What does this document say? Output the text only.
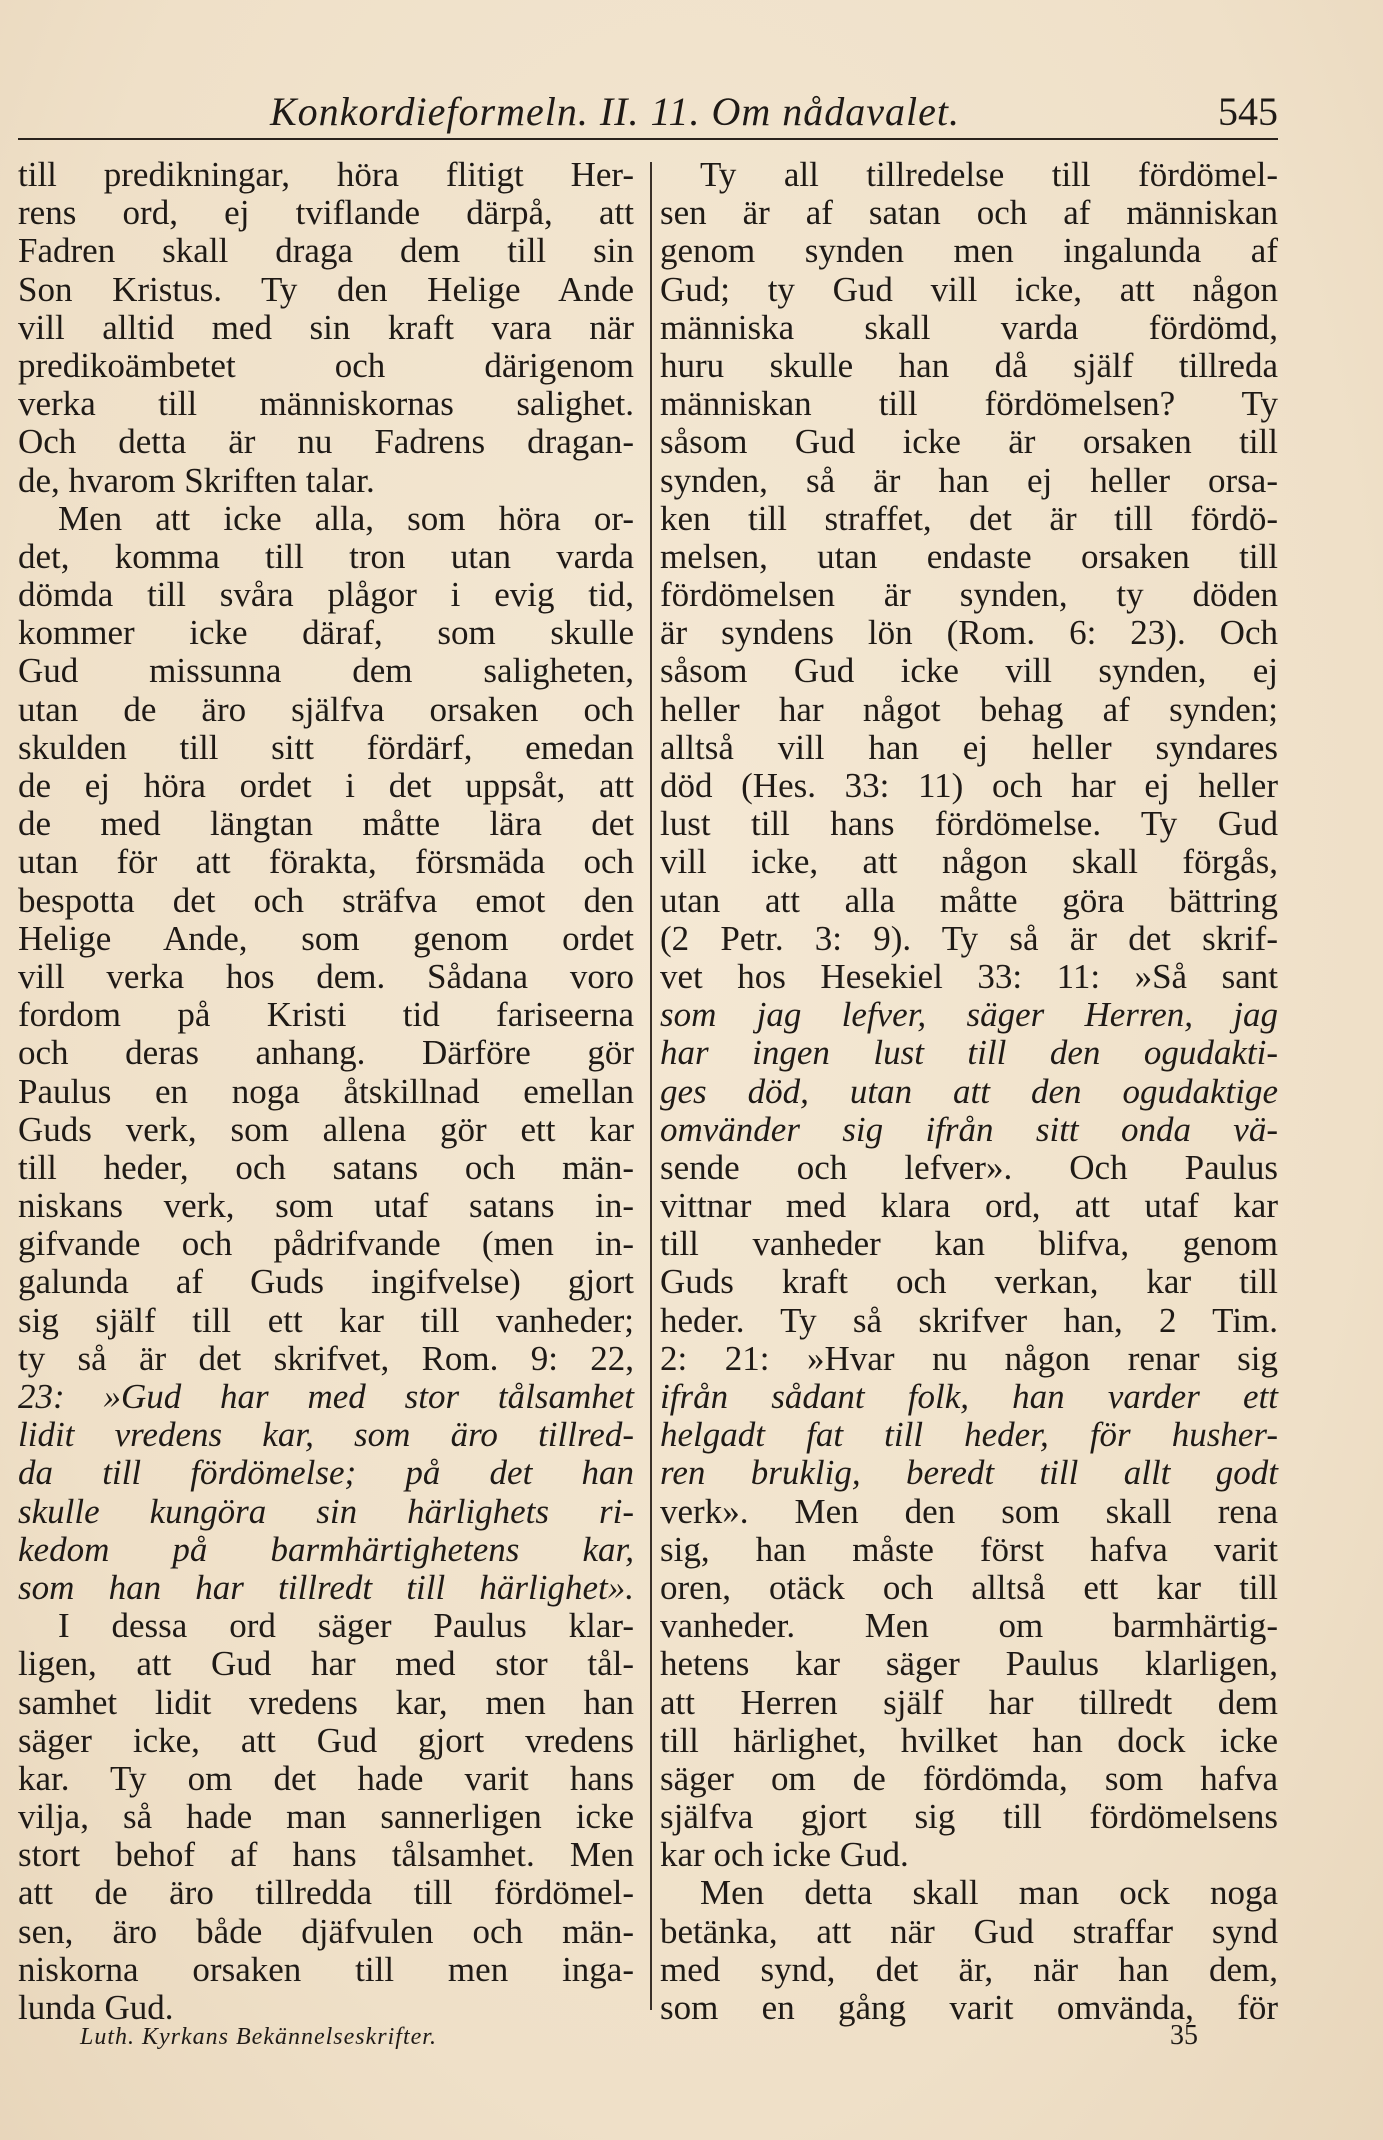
Konkordieformeln. II. 11. Om nådavalet.	545
till predikningar, höra flitigt Her-
rens ord, ej tviflande därpå, att
Fadren skall draga dem till sin
Son Kristus. Ty den Helige Ande
vill alltid med sin kraft vara när
predikoämbetet och därigenom
verka till människornas salighet.
Och detta är nu Fadrens dragan-
de, hvarom Skriften talar.
Men att icke alla, som höra or-
det, komma till tron utan varda
dömda till svåra plågor i evig tid,
kommer icke däraf, som skulle
Gud missunna dem saligheten,
utan de äro själfva orsaken och
skulden till sitt fördärf, emedan
de ej höra ordet i det uppsåt, att
de med längtan måtte lära det
utan för att förakta, försmäda och
bespotta det och sträfva emot den
Helige Ande, som genom ordet
vill verka hos dem. Sådana voro
fordom på Kristi tid fariseerna
och deras anhang. Därföre gör
Paulus en noga åtskillnad emellan
Guds verk, som allena gör ett kar
till heder, och satans och män-
niskans verk, som utaf satans in-
gifvande och pådrifvande (men in-
galunda af Guds ingifvelse) gjort
sig själf till ett kar till vanheder;
ty så är det skrifvet, Rom. 9: 22,
23: »Gud har med stor tålsamhet
lidit vredens kar, som äro tillred-
da till fördömelse; på det han
skulle kungöra sin härlighets ri-
kedom på barmhärtighetens kar,
som han har tillredt till härlighet».
I dessa ord säger Paulus klar-
ligen, att Gud har med stor tål-
samhet lidit vredens kar, men han
säger icke, att Gud gjort vredens
kar. Ty om det hade varit hans
vilja, så hade man sannerligen icke
stort behof af hans tålsamhet. Men
att de äro tillredda till fördömel-
sen, äro både djäfvulen och män-
niskorna orsaken till men inga-
lunda Gud.
Ty all tillredelse till fördömel-
sen är af satan och af människan
genom synden men ingalunda af
Gud; ty Gud vill icke, att någon
människa skall varda fördömd,
huru skulle han då själf tillreda
människan till fördömelsen? Ty
såsom Gud icke är orsaken till
synden, så är han ej heller orsa-
ken till straffet, det är till fördö-
melsen, utan endaste orsaken till
fördömelsen är synden, ty döden
är syndens lön (Rom. 6: 23). Och
såsom Gud icke vill synden, ej
heller har något behag af synden;
alltså vill han ej heller syndares
död (Hes. 33: 11) och har ej heller
lust till hans fördömelse. Ty Gud
vill icke, att någon skall förgås,
utan att alla måtte göra bättring
(2 Petr. 3: 9). Ty så är det skrif-
vet hos Hesekiel 33: 11: »Så sant
som jag lefver, säger Herren, jag
har ingen lust till den ogudakti-
ges död, utan att den ogudaktige
omvänder sig ifrån sitt onda vä-
sende och lefver». Och Paulus
vittnar med klara ord, att utaf kar
till vanheder kan blifva, genom
Guds kraft och verkan, kar till
heder. Ty så skrifver han, 2 Tim.
2: 21: »Hvar nu någon renar sig
ifrån sådant folk, han varder ett
helgadt fat till heder, för husher-
ren bruklig, beredt till allt godt
verk». Men den som skall rena
sig, han måste först hafva varit
oren, otäck och alltså ett kar till
vanheder. Men om barmhärtig-
hetens kar säger Paulus klarligen,
att Herren själf har tillredt dem
till härlighet, hvilket han dock icke
säger om de fördömda, som hafva
själfva gjort sig till fördömelsens
kar och icke Gud.
Men detta skall man ock noga
betänka, att när Gud straffar synd
med synd, det är, när han dem,
som en gång varit omvända, för
Luth. Kyrkans Bekännelseskrifter.	35
